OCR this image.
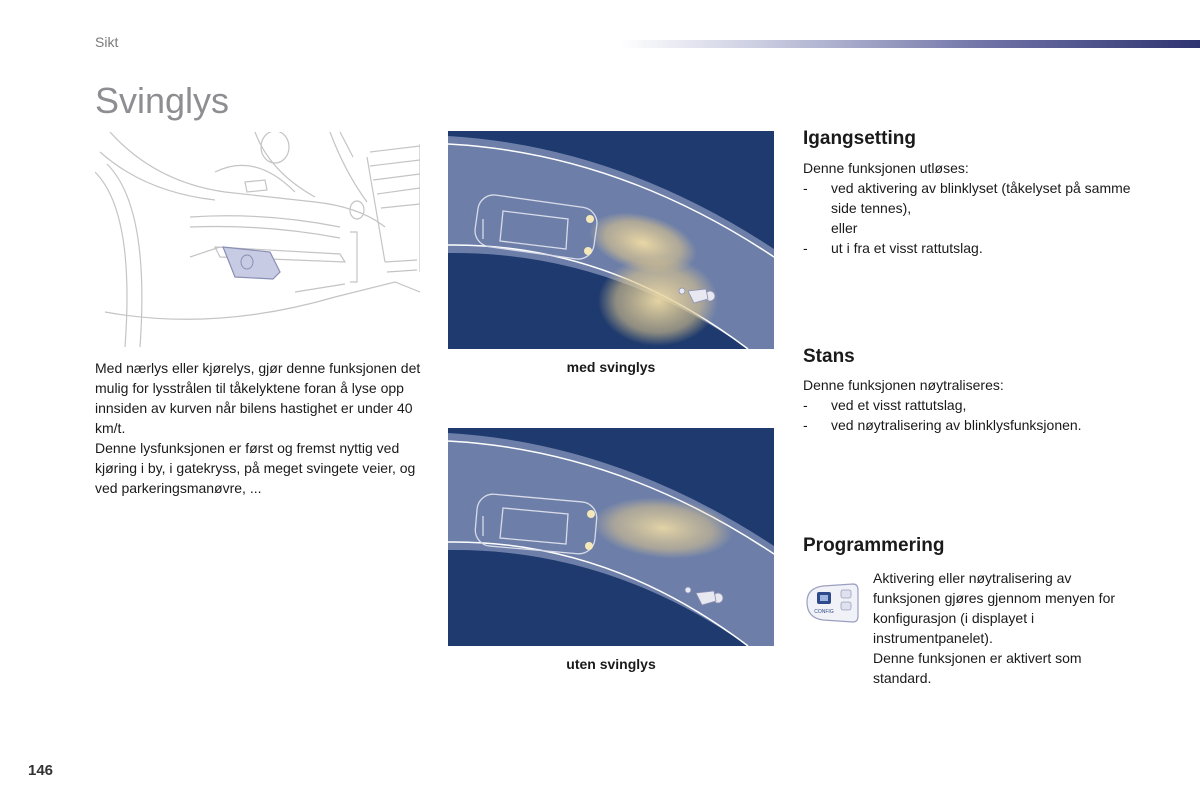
Sikt
Svinglys

Med nærlys eller kjørelys, gjør denne funksjonen det mulig for lysstrålen til tåkelyktene foran å lyse opp innsiden av kurven når bilens hastighet er under 40 km/t.

Denne lysfunksjonen er først og fremst nyttig ved kjøring i by, i gatekryss, på meget svingete veier, og ved parkeringsmanøvre, ...

med svinglys
uten svinglys
Igangsetting

Denne funksjonen utløses:

- ved aktivering av blinklyset (tåkelyset på samme side tennes),
eller
- ut i fra et visst rattutslag.
Stans

Denne funksjonen nøytraliseres:

- ved et visst rattutslag,
- ved nøytralisering av blinklysfunksjonen.
Programmering
CONFIG

Aktivering eller nøytralisering av funksjonen gjøres gjennom menyen for konfigurasjon (i displayet i instrumentpanelet).

Denne funksjonen er aktivert som standard.

146
